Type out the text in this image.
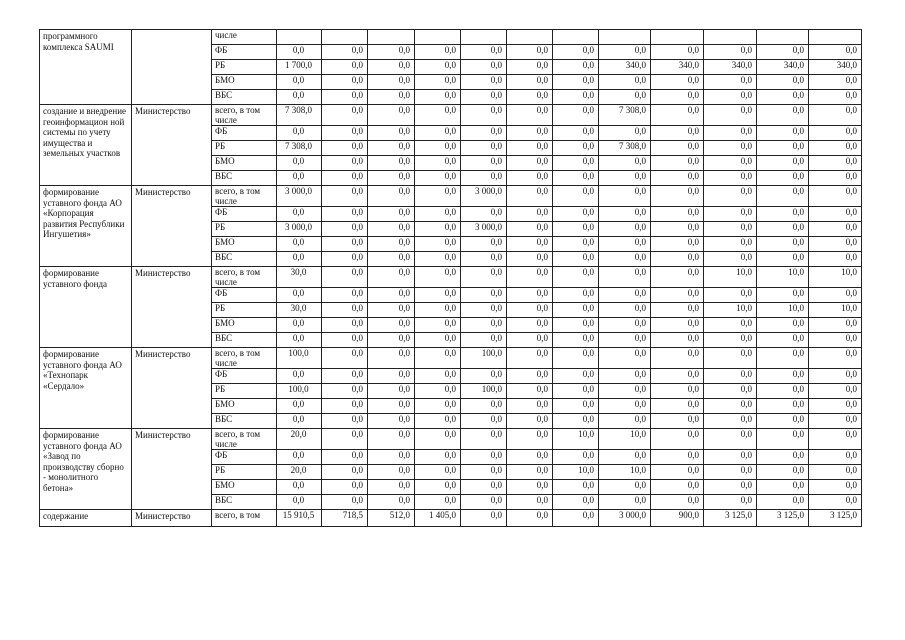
программного комплекса SAUMI		числе												
		ФБ	0,0	0,0	0,0	0,0	0,0	0,0	0,0	0,0	0,0	0,0	0,0	0,0
		РБ	1 700,0	0,0	0,0	0,0	0,0	0,0	0,0	340,0	340,0	340,0	340,0	340,0
		БМО	0,0	0,0	0,0	0,0	0,0	0,0	0,0	0,0	0,0	0,0	0,0	0,0
		ВБС	0,0	0,0	0,0	0,0	0,0	0,0	0,0	0,0	0,0	0,0	0,0	0,0
создание и внедрение геоинформацион ной системы по учету имущества и земельных участков	Министерство	всего, в том числе	7 308,0	0,0	0,0	0,0	0,0	0,0	0,0	7 308,0	0,0	0,0	0,0	0,0
		ФБ	0,0	0,0	0,0	0,0	0,0	0,0	0,0	0,0	0,0	0,0	0,0	0,0
		РБ	7 308,0	0,0	0,0	0,0	0,0	0,0	0,0	7 308,0	0,0	0,0	0,0	0,0
		БМО	0,0	0,0	0,0	0,0	0,0	0,0	0,0	0,0	0,0	0,0	0,0	0,0
		ВБС	0,0	0,0	0,0	0,0	0,0	0,0	0,0	0,0	0,0	0,0	0,0	0,0
формирование уставного фонда АО «Корпорация развития Республики Ингушетия»	Министерство	всего, в том числе	3 000,0	0,0	0,0	0,0	3 000,0	0,0	0,0	0,0	0,0	0,0	0,0	0,0
		ФБ	0,0	0,0	0,0	0,0	0,0	0,0	0,0	0,0	0,0	0,0	0,0	0,0
		РБ	3 000,0	0,0	0,0	0,0	3 000,0	0,0	0,0	0,0	0,0	0,0	0,0	0,0
		БМО	0,0	0,0	0,0	0,0	0,0	0,0	0,0	0,0	0,0	0,0	0,0	0,0
		ВБС	0,0	0,0	0,0	0,0	0,0	0,0	0,0	0,0	0,0	0,0	0,0	0,0
формирование уставного фонда	Министерство	всего, в том числе	30,0	0,0	0,0	0,0	0,0	0,0	0,0	0,0	0,0	10,0	10,0	10,0
		ФБ	0,0	0,0	0,0	0,0	0,0	0,0	0,0	0,0	0,0	0,0	0,0	0,0
		РБ	30,0	0,0	0,0	0,0	0,0	0,0	0,0	0,0	0,0	10,0	10,0	10,0
		БМО	0,0	0,0	0,0	0,0	0,0	0,0	0,0	0,0	0,0	0,0	0,0	0,0
		ВБС	0,0	0,0	0,0	0,0	0,0	0,0	0,0	0,0	0,0	0,0	0,0	0,0
формирование уставного фонда АО «Технопарк «Сердало»	Министерство	всего, в том числе	100,0	0,0	0,0	0,0	100,0	0,0	0,0	0,0	0,0	0,0	0,0	0,0
		ФБ	0,0	0,0	0,0	0,0	0,0	0,0	0,0	0,0	0,0	0,0	0,0	0,0
		РБ	100,0	0,0	0,0	0,0	100,0	0,0	0,0	0,0	0,0	0,0	0,0	0,0
		БМО	0,0	0,0	0,0	0,0	0,0	0,0	0,0	0,0	0,0	0,0	0,0	0,0
		ВБС	0,0	0,0	0,0	0,0	0,0	0,0	0,0	0,0	0,0	0,0	0,0	0,0
формирование уставного фонда АО «Завод по производству сборно - монолитного бетона»	Министерство	всего, в том числе	20,0	0,0	0,0	0,0	0,0	0,0	10,0	10,0	0,0	0,0	0,0	0,0
		ФБ	0,0	0,0	0,0	0,0	0,0	0,0	0,0	0,0	0,0	0,0	0,0	0,0
		РБ	20,0	0,0	0,0	0,0	0,0	0,0	10,0	10,0	0,0	0,0	0,0	0,0
		БМО	0,0	0,0	0,0	0,0	0,0	0,0	0,0	0,0	0,0	0,0	0,0	0,0
		ВБС	0,0	0,0	0,0	0,0	0,0	0,0	0,0	0,0	0,0	0,0	0,0	0,0
содержание	Министерство	всего, в том	15 910,5	718,5	512,0	1 405,0	0,0	0,0	0,0	3 000,0	900,0	3 125,0	3 125,0	3 125,0
